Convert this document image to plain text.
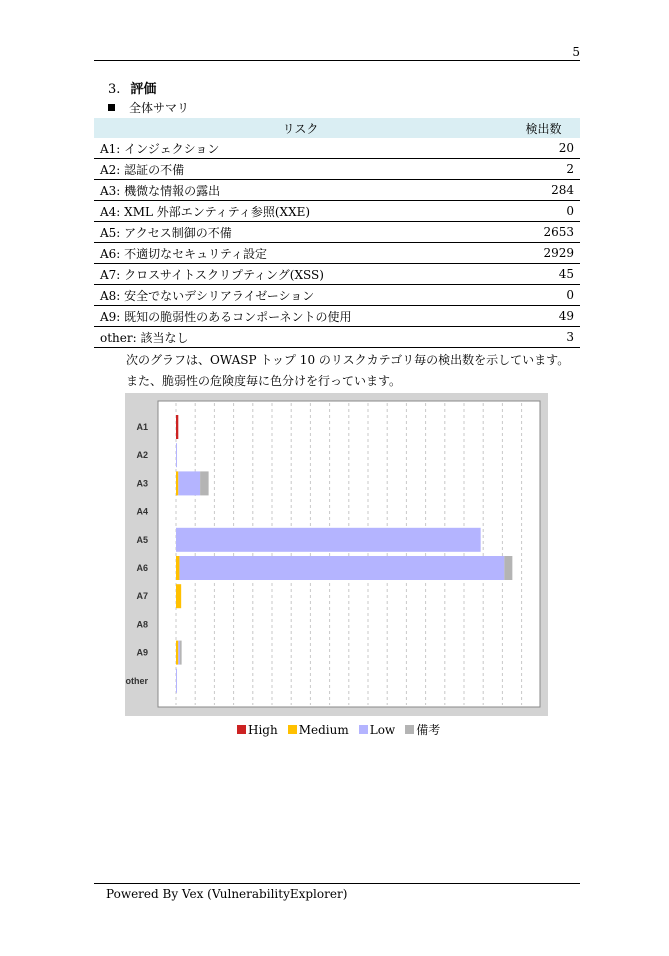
5
3. 評価
全体サマリ
リスク	検出数
A1: インジェクション	20
A2: 認証の不備	2
A3: 機微な情報の露出	284
A4: XML 外部エンティティ参照(XXE)	0
A5: アクセス制御の不備	2653
A6: 不適切なセキュリティ設定	2929
A7: クロスサイトスクリプティング(XSS)	45
A8: 安全でないデシリアライゼーション	0
A9: 既知の脆弱性のあるコンポーネントの使用	49
other: 該当なし	3
次のグラフは、OWASP トップ 10 のリスクカテゴリ毎の検出数を示しています。
また、脆弱性の危険度毎に色分けを行っています。
A1
A2
A3
A4
A5
A6
A7
A8
A9
other
High Medium Low 備考
Powered By Vex (VulnerabilityExplorer)
